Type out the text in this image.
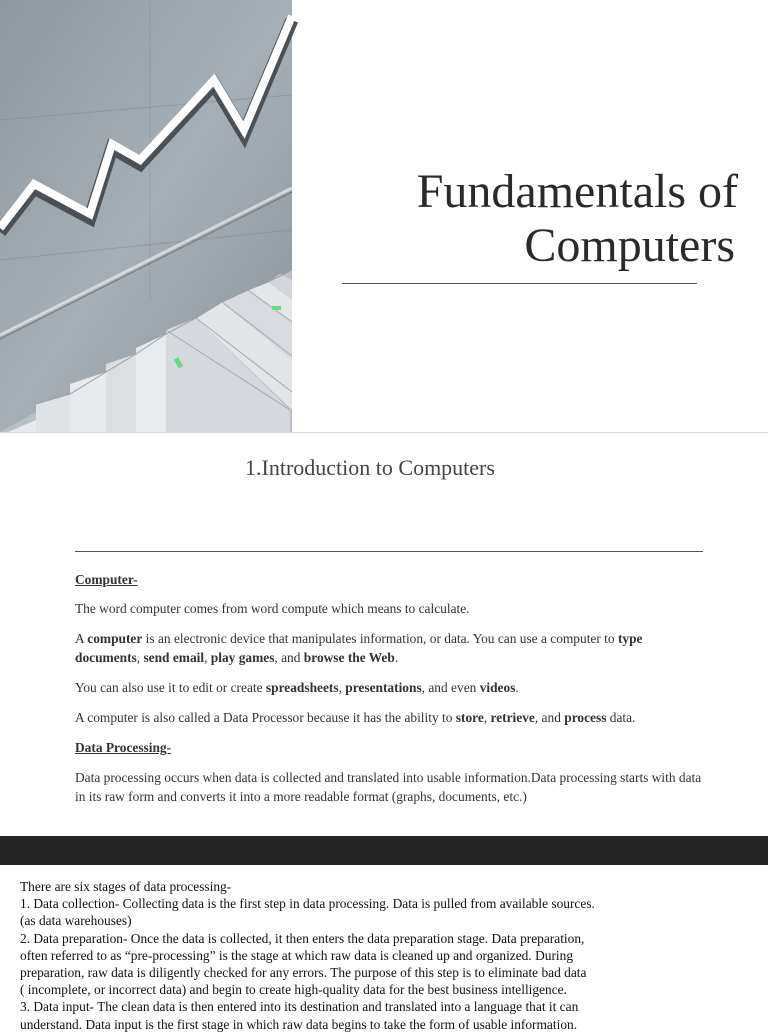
Fundamentals of
Computers
1.Introduction to Computers

Computer-

The word computer comes from word compute which means to calculate.

A computer is an electronic device that manipulates information, or data. You can use a computer to type documents, send email, play games, and browse the Web.

You can also use it to edit or create spreadsheets, presentations, and even videos.

A computer is also called a Data Processor because it has the ability to store, retrieve, and process data.

Data Processing-

Data processing occurs when data is collected and translated into usable information.Data processing starts with data in its raw form and converts it into a more readable format (graphs, documents, etc.)

There are six stages of data processing-
1. Data collection- Collecting data is the first step in data processing. Data is pulled from available sources.
(as data warehouses)
2. Data preparation- Once the data is collected, it then enters the data preparation stage. Data preparation,
often referred to as “pre-processing” is the stage at which raw data is cleaned up and organized. During
preparation, raw data is diligently checked for any errors. The purpose of this step is to eliminate bad data
( incomplete, or incorrect data) and begin to create high-quality data for the best business intelligence.
3. Data input- The clean data is then entered into its destination and translated into a language that it can
understand. Data input is the first stage in which raw data begins to take the form of usable information.
